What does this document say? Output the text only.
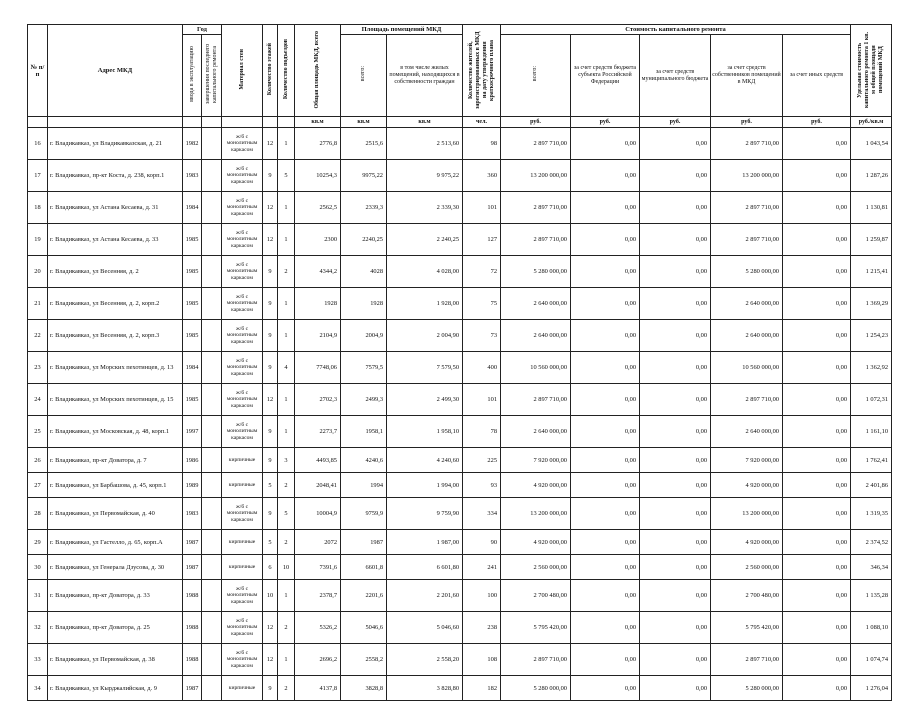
№ п/п	Адрес МКД	Год		Материал стен	Количество этажей	Количество подъездов	Общая площадь МКД, всего	Площадь помещений МКД		Количество жителей, зарегистрированных в МКД на дату утверждения краткосрочного плана	Стоимость капитального ремонта					Удельная стоимость капитального ремонта 1 кв. м общей площади помещений МКД
		ввода в эксплуатацию	завершения последнего капитального ремонта					всего:	в том числе жилых помещений, находящихся в собственности граждан		всего:	за счет средств бюджета субъекта Российской Федерации	за счет средств муниципального бюджета	за счет средств собственников помещений в МКД	за счет иных средств	
							кв.м	кв.м	кв.м	чел.	руб.	руб.	руб.	руб.	руб.	руб./кв.м
16	г. Владикавказ, ул Владикавказская, д. 21	1982		ж/б с монолитным каркасом	12	1	2776,8	2515,6	2 513,60	98	2 897 710,00	0,00	0,00	2 897 710,00	0,00	1 043,54
17	г. Владикавказ, пр-кт Коста, д. 238, корп.1	1983		ж/б с монолитным каркасом	9	5	10254,3	9975,22	9 975,22	360	13 200 000,00	0,00	0,00	13 200 000,00	0,00	1 287,26
18	г. Владикавказ, ул Астана Кесаева, д. 31	1984		ж/б с монолитным каркасом	12	1	2562,5	2339,3	2 339,30	101	2 897 710,00	0,00	0,00	2 897 710,00	0,00	1 130,81
19	г. Владикавказ, ул Астана Кесаева, д. 33	1985		ж/б с монолитным каркасом	12	1	2300	2240,25	2 240,25	127	2 897 710,00	0,00	0,00	2 897 710,00	0,00	1 259,87
20	г. Владикавказ, ул Весенняя, д. 2	1985		ж/б с монолитным каркасом	9	2	4344,2	4028	4 028,00	72	5 280 000,00	0,00	0,00	5 280 000,00	0,00	1 215,41
21	г. Владикавказ, ул Весенняя, д. 2, корп.2	1985		ж/б с монолитным каркасом	9	1	1928	1928	1 928,00	75	2 640 000,00	0,00	0,00	2 640 000,00	0,00	1 369,29
22	г. Владикавказ, ул Весенняя, д. 2, корп.3	1985		ж/б с монолитным каркасом	9	1	2104,9	2004,9	2 004,90	73	2 640 000,00	0,00	0,00	2 640 000,00	0,00	1 254,23
23	г. Владикавказ, ул Морских пехотинцев, д. 13	1984		ж/б с монолитным каркасом	9	4	7748,06	7579,5	7 579,50	400	10 560 000,00	0,00	0,00	10 560 000,00	0,00	1 362,92
24	г. Владикавказ, ул Морских пехотинцев, д. 15	1985		ж/б с монолитным каркасом	12	1	2702,3	2499,3	2 499,30	101	2 897 710,00	0,00	0,00	2 897 710,00	0,00	1 072,31
25	г. Владикавказ, ул Московская, д. 48, корп.1	1997		ж/б с монолитным каркасом	9	1	2273,7	1958,1	1 958,10	78	2 640 000,00	0,00	0,00	2 640 000,00	0,00	1 161,10
26	г. Владикавказ, пр-кт Доватора, д. 7	1986		кирпичные	9	3	4493,85	4240,6	4 240,60	225	7 920 000,00	0,00	0,00	7 920 000,00	0,00	1 762,41
27	г. Владикавказ, ул Барбашова, д. 45, корп.1	1989		кирпичные	5	2	2048,41	1994	1 994,00	93	4 920 000,00	0,00	0,00	4 920 000,00	0,00	2 401,86
28	г. Владикавказ, ул Первомайская, д. 40	1983		ж/б с монолитным каркасом	9	5	10004,9	9759,9	9 759,90	334	13 200 000,00	0,00	0,00	13 200 000,00	0,00	1 319,35
29	г. Владикавказ, ул Гастелло, д. 65, корп.А	1987		кирпичные	5	2	2072	1987	1 987,00	90	4 920 000,00	0,00	0,00	4 920 000,00	0,00	2 374,52
30	г. Владикавказ, ул Генерала Дзусова, д. 30	1987		кирпичные	6	10	7391,6	6601,8	6 601,80	241	2 560 000,00	0,00	0,00	2 560 000,00	0,00	346,34
31	г. Владикавказ, пр-кт Доватора, д. 33	1988		ж/б с монолитным каркасом	10	1	2378,7	2201,6	2 201,60	100	2 700 480,00	0,00	0,00	2 700 480,00	0,00	1 135,28
32	г. Владикавказ, пр-кт Доватора, д. 25	1988		ж/б с монолитным каркасом	12	2	5326,2	5046,6	5 046,60	238	5 795 420,00	0,00	0,00	5 795 420,00	0,00	1 088,10
33	г. Владикавказ, ул Первомайская, д. 38	1988		ж/б с монолитным каркасом	12	1	2696,2	2558,2	2 558,20	108	2 897 710,00	0,00	0,00	2 897 710,00	0,00	1 074,74
34	г. Владикавказ, ул Кырджалийская, д. 9	1987		кирпичные	9	2	4137,8	3828,8	3 828,80	182	5 280 000,00	0,00	0,00	5 280 000,00	0,00	1 276,04
